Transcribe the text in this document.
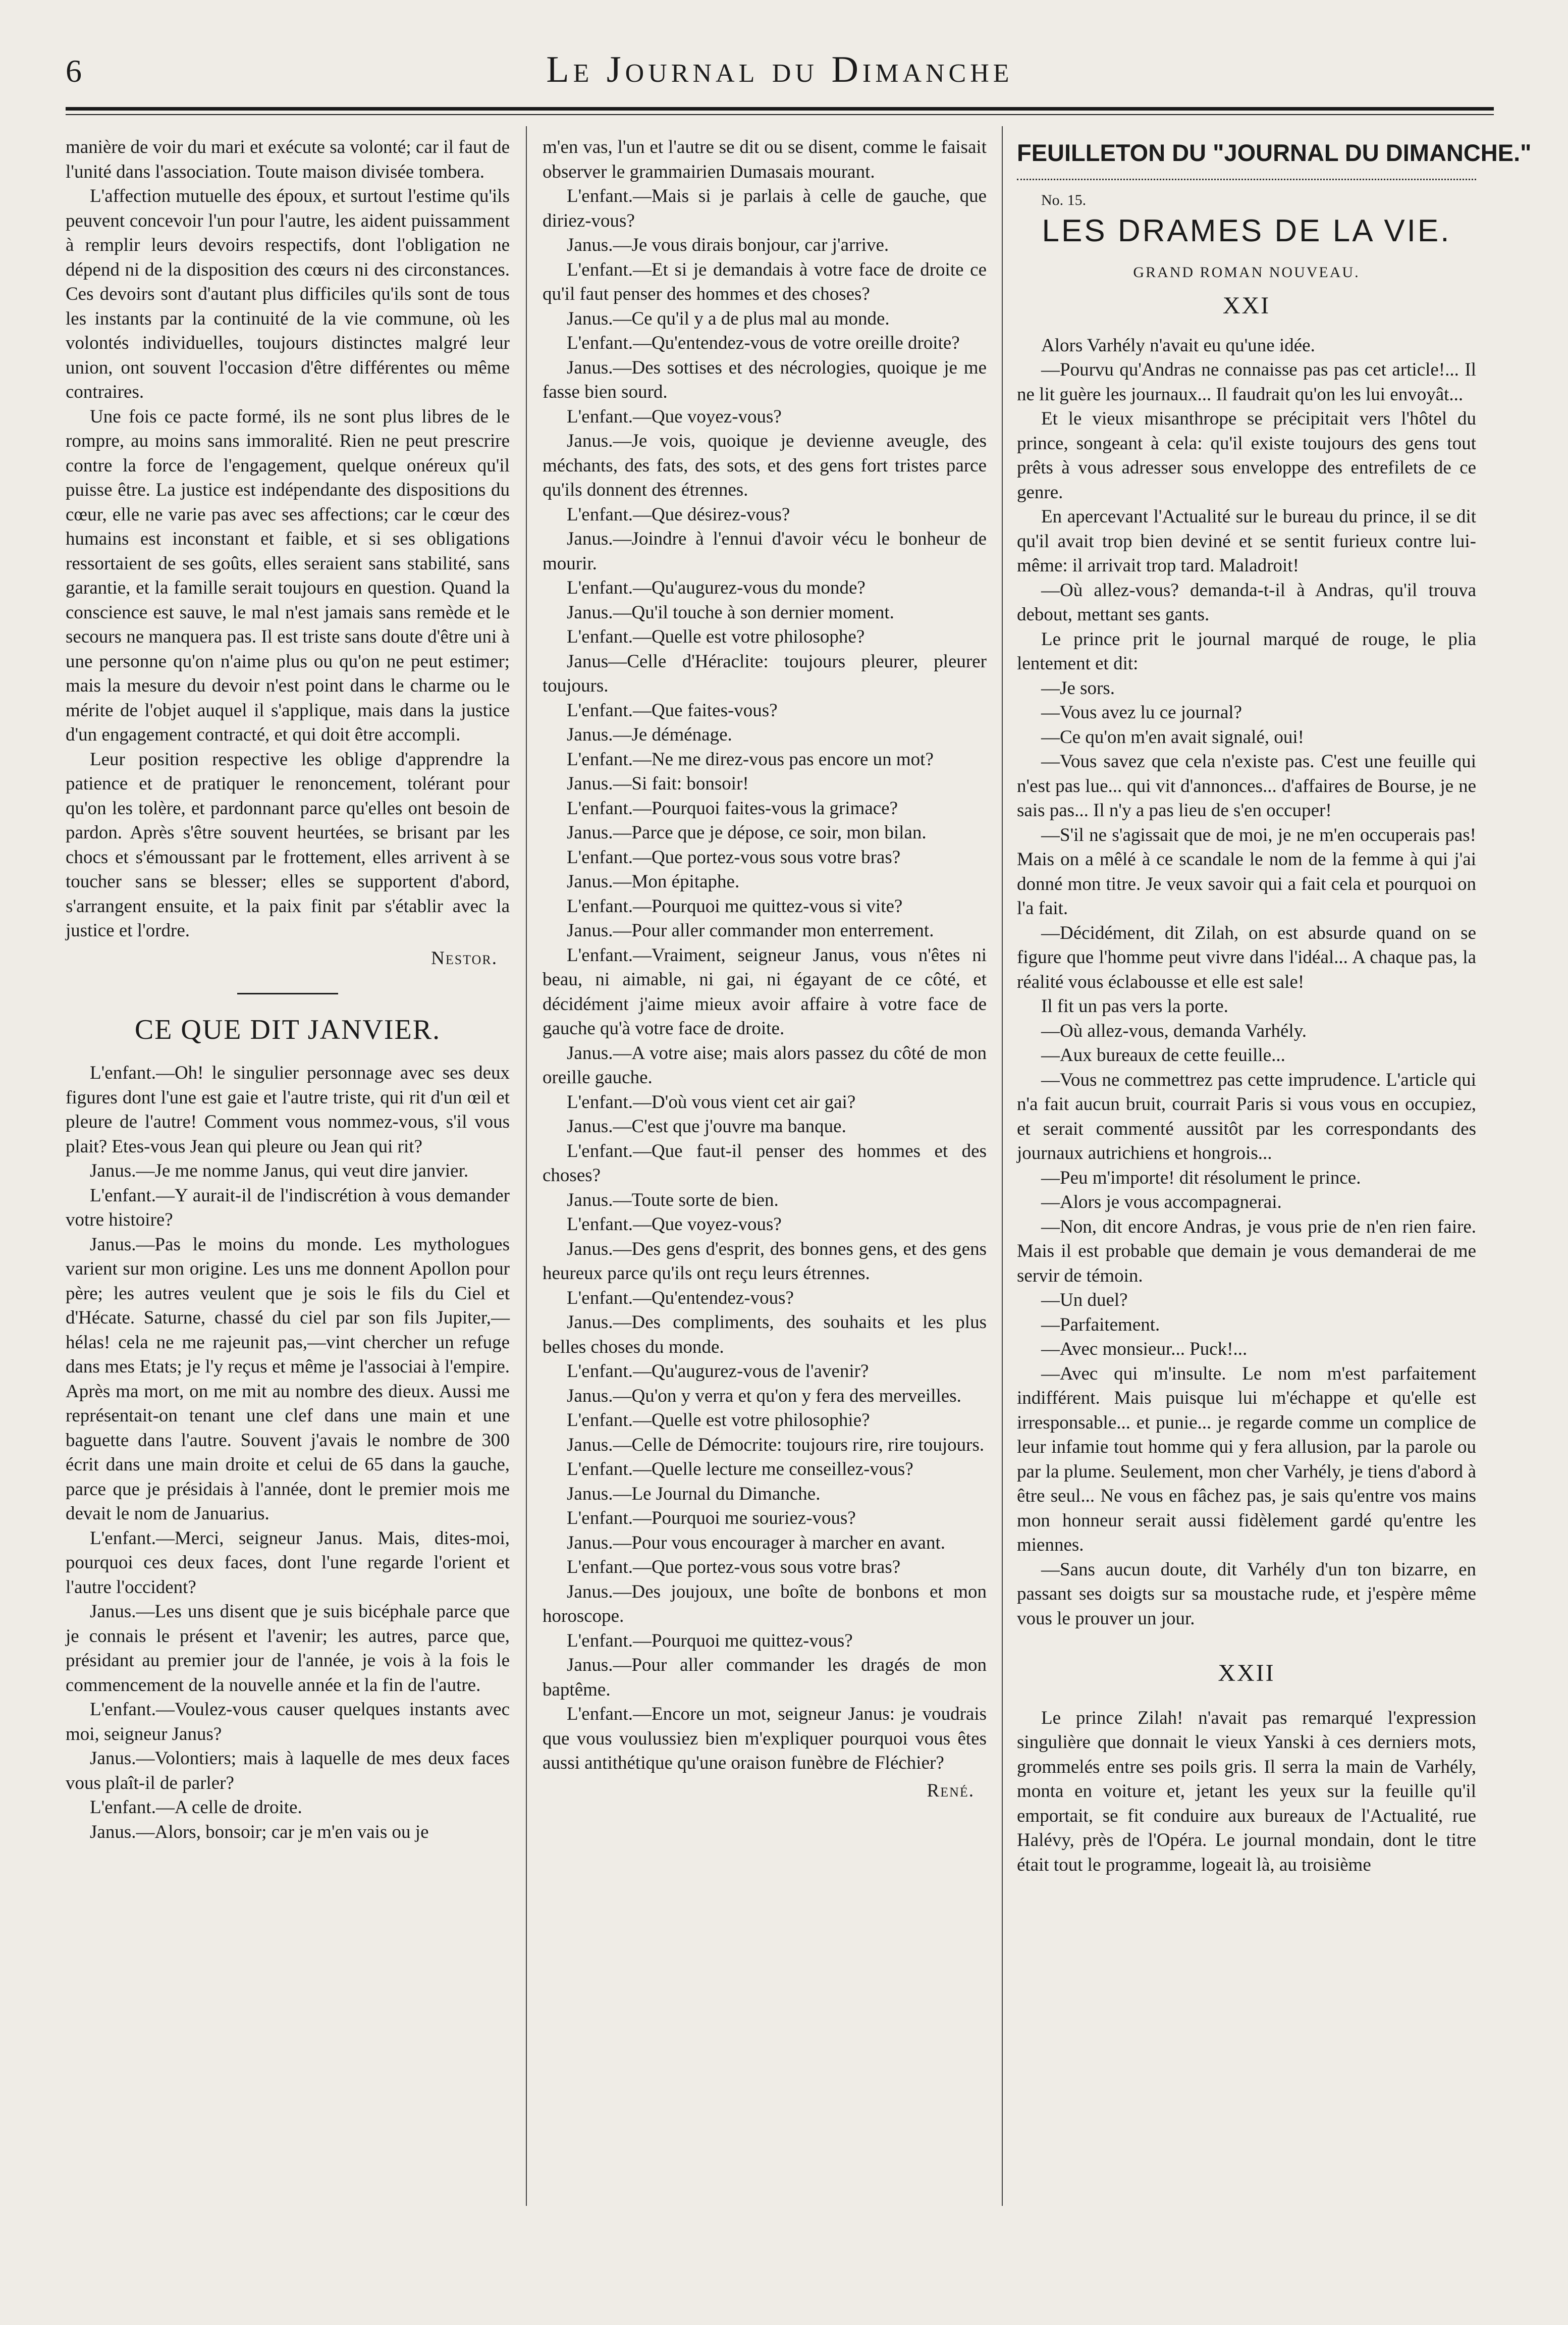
6	Le Journal du Dimanche

manière de voir du mari et exécute sa volonté; car il faut de l'unité dans l'association. Toute maison divisée tombera.

L'affection mutuelle des époux, et surtout l'estime qu'ils peuvent concevoir l'un pour l'autre, les aident puissamment à remplir leurs devoirs respectifs, dont l'obligation ne dépend ni de la disposition des cœurs ni des circonstances. Ces devoirs sont d'autant plus difficiles qu'ils sont de tous les instants par la continuité de la vie commune, où les volontés individuelles, toujours distinctes malgré leur union, ont souvent l'occasion d'être différentes ou même contraires.

Une fois ce pacte formé, ils ne sont plus libres de le rompre, au moins sans immoralité. Rien ne peut prescrire contre la force de l'engagement, quelque onéreux qu'il puisse être. La justice est indépendante des dispositions du cœur, elle ne varie pas avec ses affections; car le cœur des humains est inconstant et faible, et si ses obligations ressortaient de ses goûts, elles seraient sans stabilité, sans garantie, et la famille serait toujours en question. Quand la conscience est sauve, le mal n'est jamais sans remède et le secours ne manquera pas. Il est triste sans doute d'être uni à une personne qu'on n'aime plus ou qu'on ne peut estimer; mais la mesure du devoir n'est point dans le charme ou le mérite de l'objet auquel il s'applique, mais dans la justice d'un engagement contracté, et qui doit être accompli.

Leur position respective les oblige d'apprendre la patience et de pratiquer le renoncement, tolérant pour qu'on les tolère, et pardonnant parce qu'elles ont besoin de pardon. Après s'être souvent heurtées, se brisant par les chocs et s'émoussant par le frottement, elles arrivent à se toucher sans se blesser; elles se supportent d'abord, s'arrangent ensuite, et la paix finit par s'établir avec la justice et l'ordre.

Nestor.
CE QUE DIT JANVIER.

L'enfant.—Oh! le singulier personnage avec ses deux figures dont l'une est gaie et l'autre triste, qui rit d'un œil et pleure de l'autre! Comment vous nommez-vous, s'il vous plait? Etes-vous Jean qui pleure ou Jean qui rit?

Janus.—Je me nomme Janus, qui veut dire janvier.

L'enfant.—Y aurait-il de l'indiscrétion à vous demander votre histoire?

Janus.—Pas le moins du monde. Les mythologues varient sur mon origine. Les uns me donnent Apollon pour père; les autres veulent que je sois le fils du Ciel et d'Hécate. Saturne, chassé du ciel par son fils Jupiter,—hélas! cela ne me rajeunit pas,—vint chercher un refuge dans mes Etats; je l'y reçus et même je l'associai à l'empire. Après ma mort, on me mit au nombre des dieux. Aussi me représentait-on tenant une clef dans une main et une baguette dans l'autre. Souvent j'avais le nombre de 300 écrit dans une main droite et celui de 65 dans la gauche, parce que je présidais à l'année, dont le premier mois me devait le nom de Januarius.

L'enfant.—Merci, seigneur Janus. Mais, dites-moi, pourquoi ces deux faces, dont l'une regarde l'orient et l'autre l'occident?

Janus.—Les uns disent que je suis bicéphale parce que je connais le présent et l'avenir; les autres, parce que, présidant au premier jour de l'année, je vois à la fois le commencement de la nouvelle année et la fin de l'autre.

L'enfant.—Voulez-vous causer quelques instants avec moi, seigneur Janus?

Janus.—Volontiers; mais à laquelle de mes deux faces vous plaît-il de parler?

L'enfant.—A celle de droite.

Janus.—Alors, bonsoir; car je m'en vais ou je

m'en vas, l'un et l'autre se dit ou se disent, comme le faisait observer le grammairien Dumasais mourant.

L'enfant.—Mais si je parlais à celle de gauche, que diriez-vous?

Janus.—Je vous dirais bonjour, car j'arrive.

L'enfant.—Et si je demandais à votre face de droite ce qu'il faut penser des hommes et des choses?

Janus.—Ce qu'il y a de plus mal au monde.

L'enfant.—Qu'entendez-vous de votre oreille droite?

Janus.—Des sottises et des nécrologies, quoique je me fasse bien sourd.

L'enfant.—Que voyez-vous?

Janus.—Je vois, quoique je devienne aveugle, des méchants, des fats, des sots, et des gens fort tristes parce qu'ils donnent des étrennes.

L'enfant.—Que désirez-vous?

Janus.—Joindre à l'ennui d'avoir vécu le bonheur de mourir.

L'enfant.—Qu'augurez-vous du monde?

Janus.—Qu'il touche à son dernier moment.

L'enfant.—Quelle est votre philosophe?

Janus—Celle d'Héraclite: toujours pleurer, pleurer toujours.

L'enfant.—Que faites-vous?

Janus.—Je déménage.

L'enfant.—Ne me direz-vous pas encore un mot?

Janus.—Si fait: bonsoir!

L'enfant.—Pourquoi faites-vous la grimace?

Janus.—Parce que je dépose, ce soir, mon bilan.

L'enfant.—Que portez-vous sous votre bras?

Janus.—Mon épitaphe.

L'enfant.—Pourquoi me quittez-vous si vite?

Janus.—Pour aller commander mon enterrement.

L'enfant.—Vraiment, seigneur Janus, vous n'êtes ni beau, ni aimable, ni gai, ni égayant de ce côté, et décidément j'aime mieux avoir affaire à votre face de gauche qu'à votre face de droite.

Janus.—A votre aise; mais alors passez du côté de mon oreille gauche.

L'enfant.—D'où vous vient cet air gai?

Janus.—C'est que j'ouvre ma banque.

L'enfant.—Que faut-il penser des hommes et des choses?

Janus.—Toute sorte de bien.

L'enfant.—Que voyez-vous?

Janus.—Des gens d'esprit, des bonnes gens, et des gens heureux parce qu'ils ont reçu leurs étrennes.

L'enfant.—Qu'entendez-vous?

Janus.—Des compliments, des souhaits et les plus belles choses du monde.

L'enfant.—Qu'augurez-vous de l'avenir?

Janus.—Qu'on y verra et qu'on y fera des merveilles.

L'enfant.—Quelle est votre philosophie?

Janus.—Celle de Démocrite: toujours rire, rire toujours.

L'enfant.—Quelle lecture me conseillez-vous?

Janus.—Le Journal du Dimanche.

L'enfant.—Pourquoi me souriez-vous?

Janus.—Pour vous encourager à marcher en avant.

L'enfant.—Que portez-vous sous votre bras?

Janus.—Des joujoux, une boîte de bonbons et mon horoscope.

L'enfant.—Pourquoi me quittez-vous?

Janus.—Pour aller commander les dragés de mon baptême.

L'enfant.—Encore un mot, seigneur Janus: je voudrais que vous voulussiez bien m'expliquer pourquoi vous êtes aussi antithétique qu'une oraison funèbre de Fléchier?

René.
FEUILLETON DU "JOURNAL DU DIMANCHE."

No. 15.

LES DRAMES DE LA VIE.
GRAND ROMAN NOUVEAU.
XXI

Alors Varhély n'avait eu qu'une idée.

—Pourvu qu'Andras ne connaisse pas pas cet article!... Il ne lit guère les journaux... Il faudrait qu'on les lui envoyât...

Et le vieux misanthrope se précipitait vers l'hôtel du prince, songeant à cela: qu'il existe toujours des gens tout prêts à vous adresser sous enveloppe des entrefilets de ce genre.

En apercevant l'Actualité sur le bureau du prince, il se dit qu'il avait trop bien deviné et se sentit furieux contre lui-même: il arrivait trop tard. Maladroit!

—Où allez-vous? demanda-t-il à Andras, qu'il trouva debout, mettant ses gants.

Le prince prit le journal marqué de rouge, le plia lentement et dit:

—Je sors.

—Vous avez lu ce journal?

—Ce qu'on m'en avait signalé, oui!

—Vous savez que cela n'existe pas. C'est une feuille qui n'est pas lue... qui vit d'annonces... d'affaires de Bourse, je ne sais pas... Il n'y a pas lieu de s'en occuper!

—S'il ne s'agissait que de moi, je ne m'en occuperais pas! Mais on a mêlé à ce scandale le nom de la femme à qui j'ai donné mon titre. Je veux savoir qui a fait cela et pourquoi on l'a fait.

—Décidément, dit Zilah, on est absurde quand on se figure que l'homme peut vivre dans l'idéal... A chaque pas, la réalité vous éclabousse et elle est sale!

Il fit un pas vers la porte.

—Où allez-vous, demanda Varhély.

—Aux bureaux de cette feuille...

—Vous ne commettrez pas cette imprudence. L'article qui n'a fait aucun bruit, courrait Paris si vous vous en occupiez, et serait commenté aussitôt par les correspondants des journaux autrichiens et hongrois...

—Peu m'importe! dit résolument le prince.

—Alors je vous accompagnerai.

—Non, dit encore Andras, je vous prie de n'en rien faire. Mais il est probable que demain je vous demanderai de me servir de témoin.

—Un duel?

—Parfaitement.

—Avec monsieur... Puck!...

—Avec qui m'insulte. Le nom m'est parfaitement indifférent. Mais puisque lui m'échappe et qu'elle est irresponsable... et punie... je regarde comme un complice de leur infamie tout homme qui y fera allusion, par la parole ou par la plume. Seulement, mon cher Varhély, je tiens d'abord à être seul... Ne vous en fâchez pas, je sais qu'entre vos mains mon honneur serait aussi fidèlement gardé qu'entre les miennes.

—Sans aucun doute, dit Varhély d'un ton bizarre, en passant ses doigts sur sa moustache rude, et j'espère même vous le prouver un jour.

XXII

Le prince Zilah! n'avait pas remarqué l'expression singulière que donnait le vieux Yanski à ces derniers mots, grommelés entre ses poils gris. Il serra la main de Varhély, monta en voiture et, jetant les yeux sur la feuille qu'il emportait, se fit conduire aux bureaux de l'Actualité, rue Halévy, près de l'Opéra. Le journal mondain, dont le titre était tout le programme, logeait là, au troisième
